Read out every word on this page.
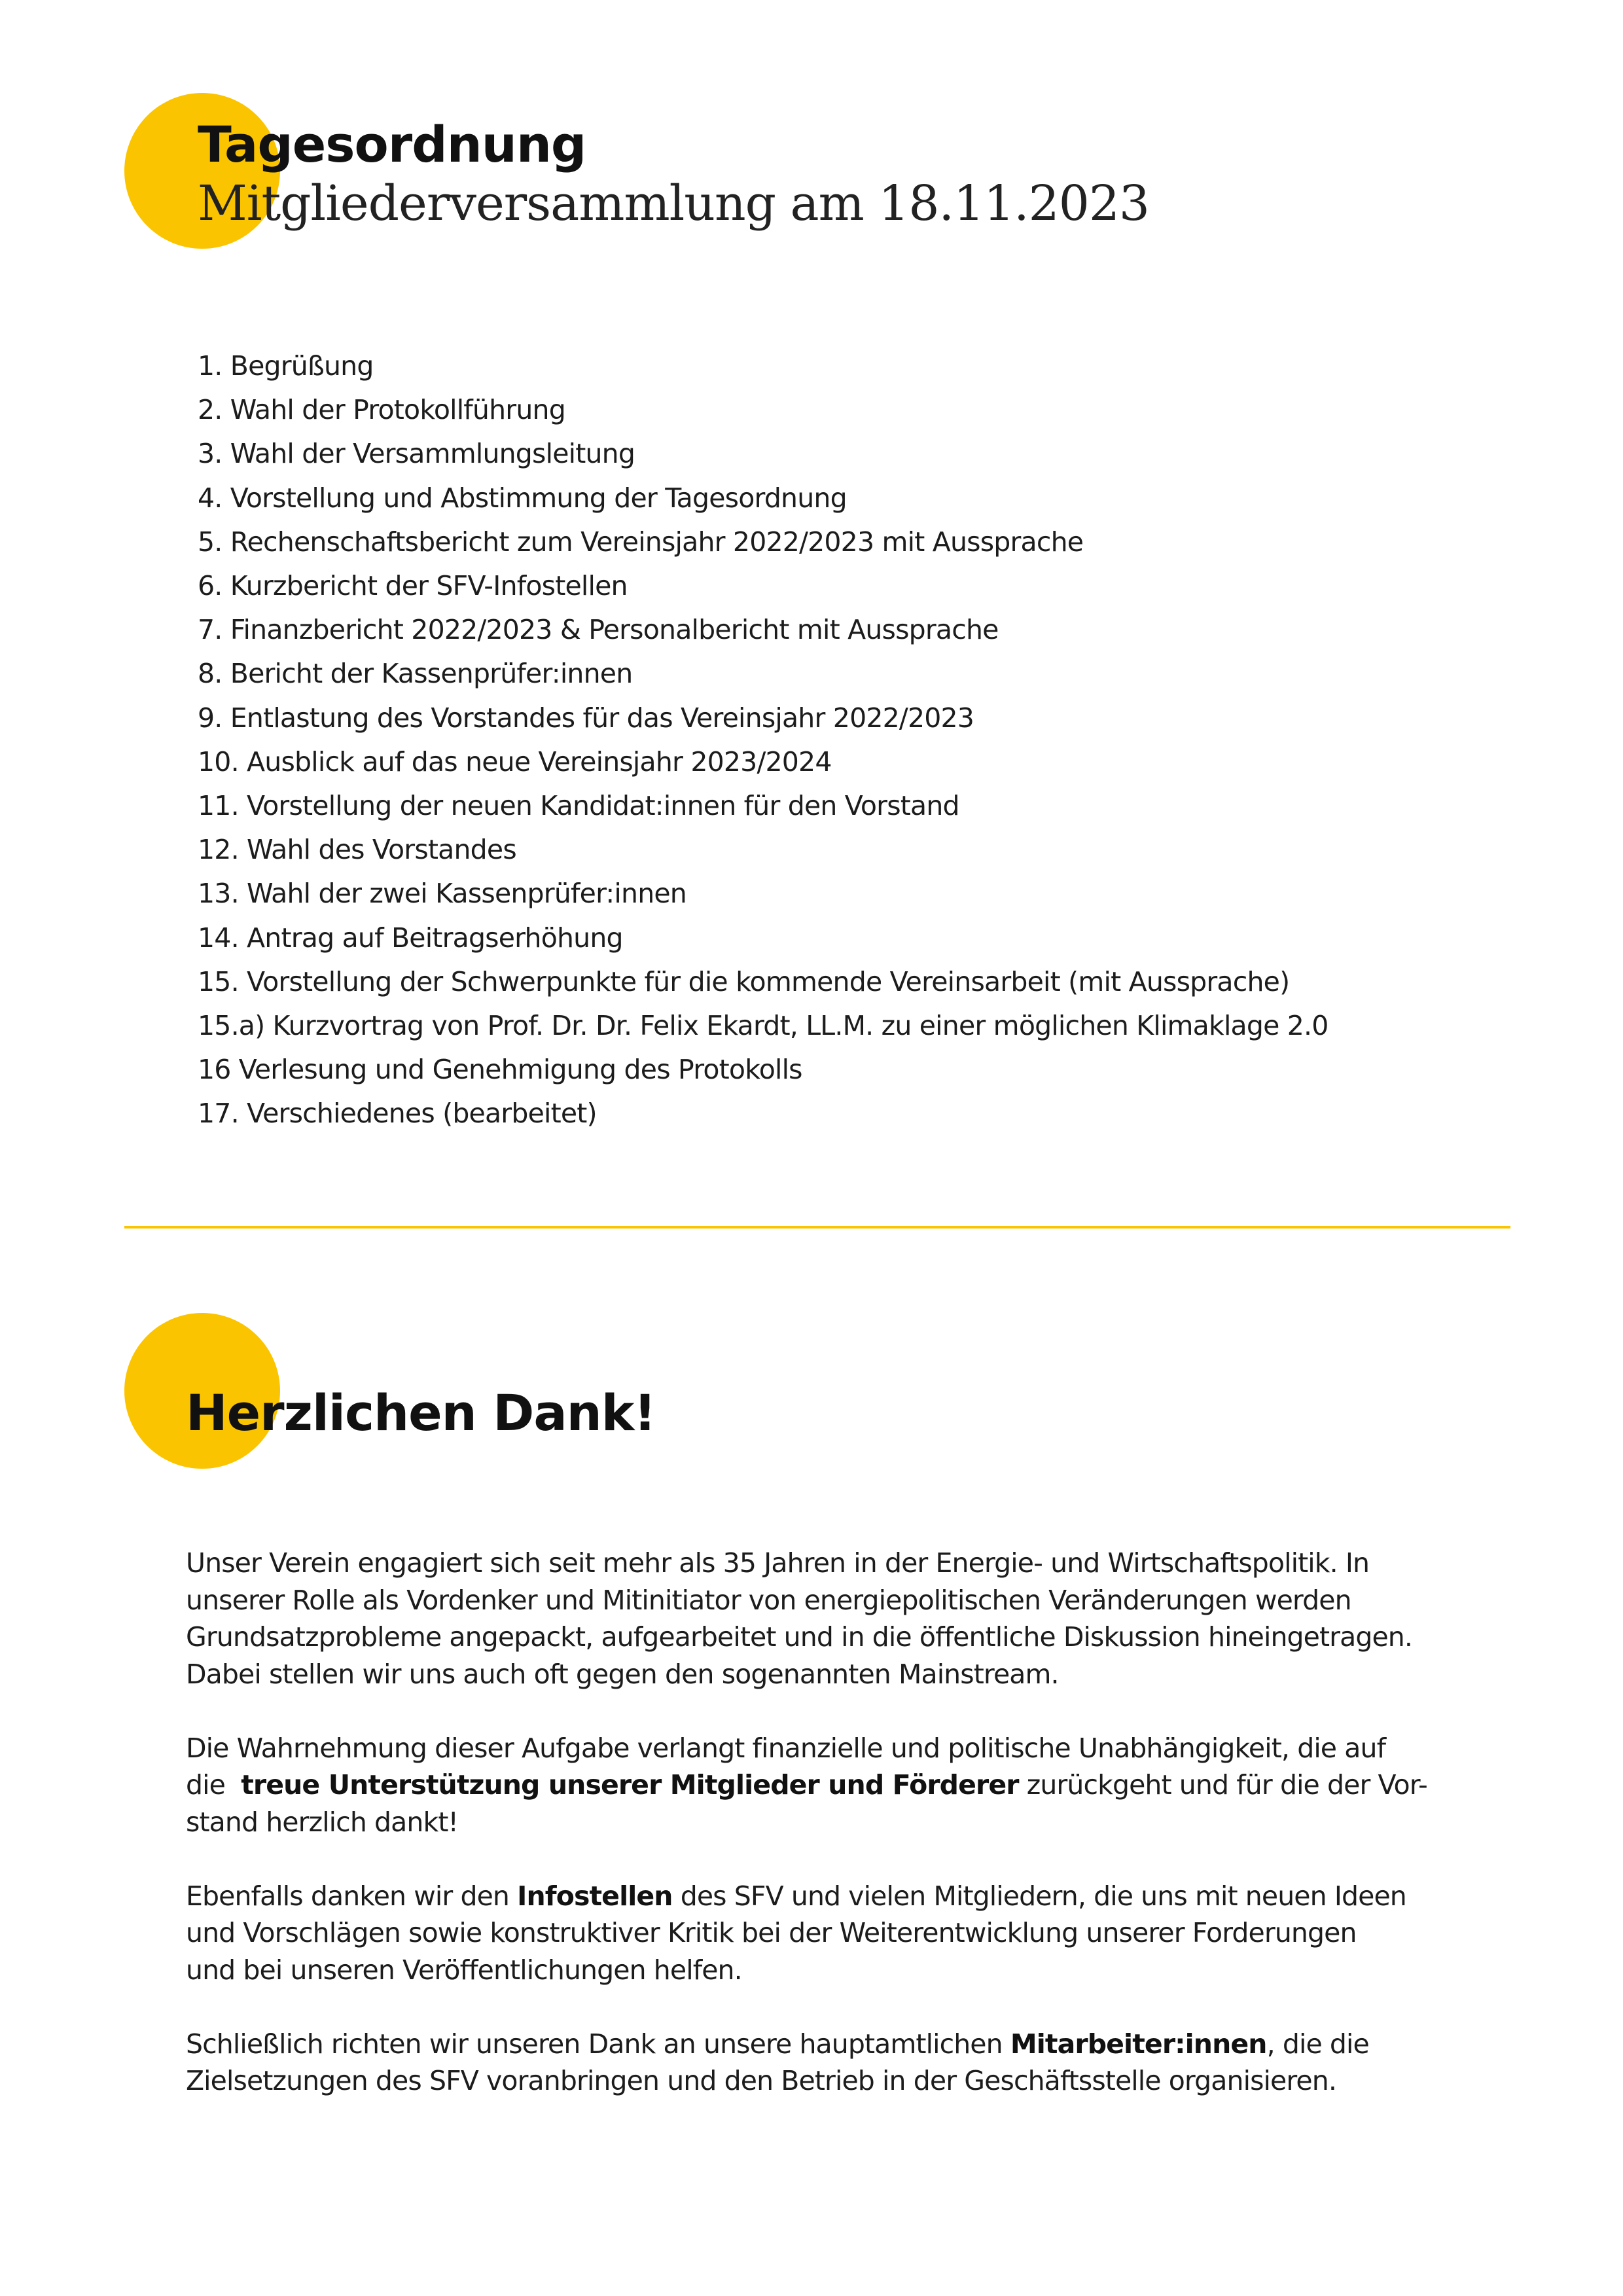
Tagesordnung
Mitgliederversammlung am 18.11.2023
1. Begrüßung
2. Wahl der Protokollführung
3. Wahl der Versammlungsleitung
4. Vorstellung und Abstimmung der Tagesordnung
5. Rechenschaftsbericht zum Vereinsjahr 2022/2023 mit Aussprache
6. Kurzbericht der SFV-Infostellen
7. Finanzbericht 2022/2023 & Personalbericht mit Aussprache
8. Bericht der Kassenprüfer:innen
9. Entlastung des Vorstandes für das Vereinsjahr 2022/2023
10. Ausblick auf das neue Vereinsjahr 2023/2024
11. Vorstellung der neuen Kandidat:innen für den Vorstand
12. Wahl des Vorstandes
13. Wahl der zwei Kassenprüfer:innen
14. Antrag auf Beitragserhöhung
15. Vorstellung der Schwerpunkte für die kommende Vereinsarbeit (mit Aussprache)
15.a) Kurzvortrag von Prof. Dr. Dr. Felix Ekardt, LL.M. zu einer möglichen Klimaklage 2.0
16 Verlesung und Genehmigung des Protokolls
17. Verschiedenes (bearbeitet)
Herzlichen Dank!

Unser Verein engagiert sich seit mehr als 35 Jahren in der Energie- und Wirtschaftspolitik. In
unserer Rolle als Vordenker und Mitinitiator von energiepolitischen Veränderungen werden
Grundsatzprobleme angepackt, aufgearbeitet und in die öffentliche Diskussion hineingetragen.
Dabei stellen wir uns auch oft gegen den sogenannten Mainstream.

Die Wahrnehmung dieser Aufgabe verlangt finanzielle und politische Unabhängigkeit, die auf
die  treue Unterstützung unserer Mitglieder und Förderer zurückgeht und für die der Vor-
stand herzlich dankt!

Ebenfalls danken wir den Infostellen des SFV und vielen Mitgliedern, die uns mit neuen Ideen
und Vorschlägen sowie konstruktiver Kritik bei der Weiterentwicklung unserer Forderungen
und bei unseren Veröffentlichungen helfen.

Schließlich richten wir unseren Dank an unsere hauptamtlichen Mitarbeiter:innen, die die
Zielsetzungen des SFV voranbringen und den Betrieb in der Geschäftsstelle organisieren.
